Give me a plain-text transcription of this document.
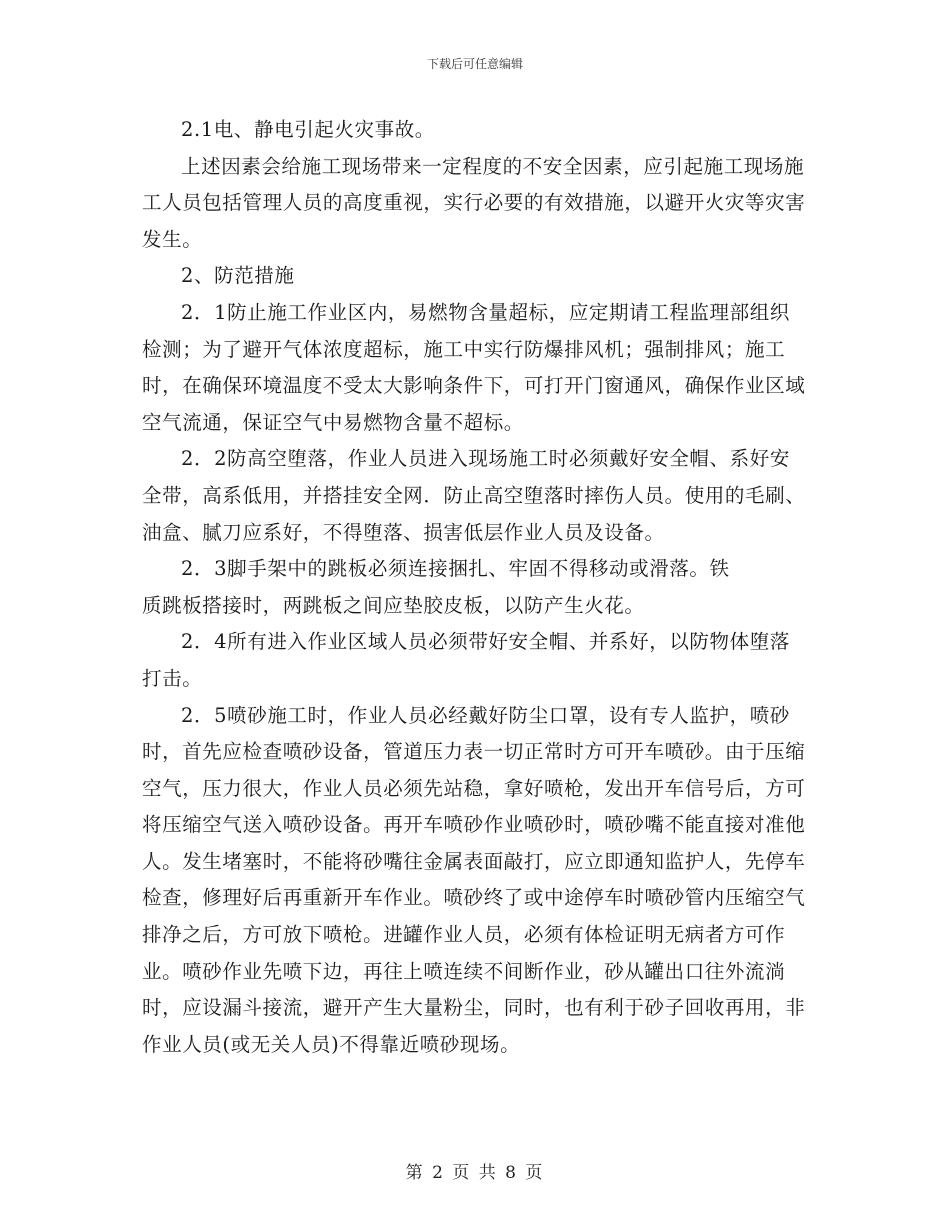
下载后可任意编辑

2.1电、静电引起火灾事故。

上述因素会给施工现场带来一定程度的不安全因素，应引起施工现场施工人员包括管理人员的高度重视，实行必要的有效措施，以避开火灾等灾害发生。

2、防范措施

2．1防止施工作业区内，易燃物含量超标，应定期请工程监理部组织检测；为了避开气体浓度超标，施工中实行防爆排风机；强制排风；施工时，在确保环境温度不受太大影响条件下，可打开门窗通风，确保作业区域空气流通，保证空气中易燃物含量不超标。

2．2防高空堕落，作业人员进入现场施工时必须戴好安全帽、系好安全带，高系低用，并搭挂安全网．防止高空堕落时摔伤人员。使用的毛刷、油盒、腻刀应系好，不得堕落、损害低层作业人员及设备。

2．3脚手架中的跳板必须连接捆扎、牢固不得移动或滑落。铁

质跳板搭接时，两跳板之间应垫胶皮板，以防产生火花。

2．4所有进入作业区域人员必须带好安全帽、并系好，以防物体堕落打击。

2．5喷砂施工时，作业人员必经戴好防尘口罩，设有专人监护，喷砂时，首先应检查喷砂设备，管道压力表一切正常时方可开车喷砂。由于压缩空气，压力很大，作业人员必须先站稳，拿好喷枪，发出开车信号后，方可将压缩空气送入喷砂设备。再开车喷砂作业喷砂时，喷砂嘴不能直接对准他人。发生堵塞时，不能将砂嘴往金属表面敲打，应立即通知监护人，先停车检查，修理好后再重新开车作业。喷砂终了或中途停车时喷砂管内压缩空气排净之后，方可放下喷枪。进罐作业人员，必须有体检证明无病者方可作业。喷砂作业先喷下边，再往上喷连续不间断作业，砂从罐出口往外流淌时，应设漏斗接流，避开产生大量粉尘，同时，也有利于砂子回收再用，非作业人员(或无关人员)不得靠近喷砂现场。

第 2 页 共 8 页
